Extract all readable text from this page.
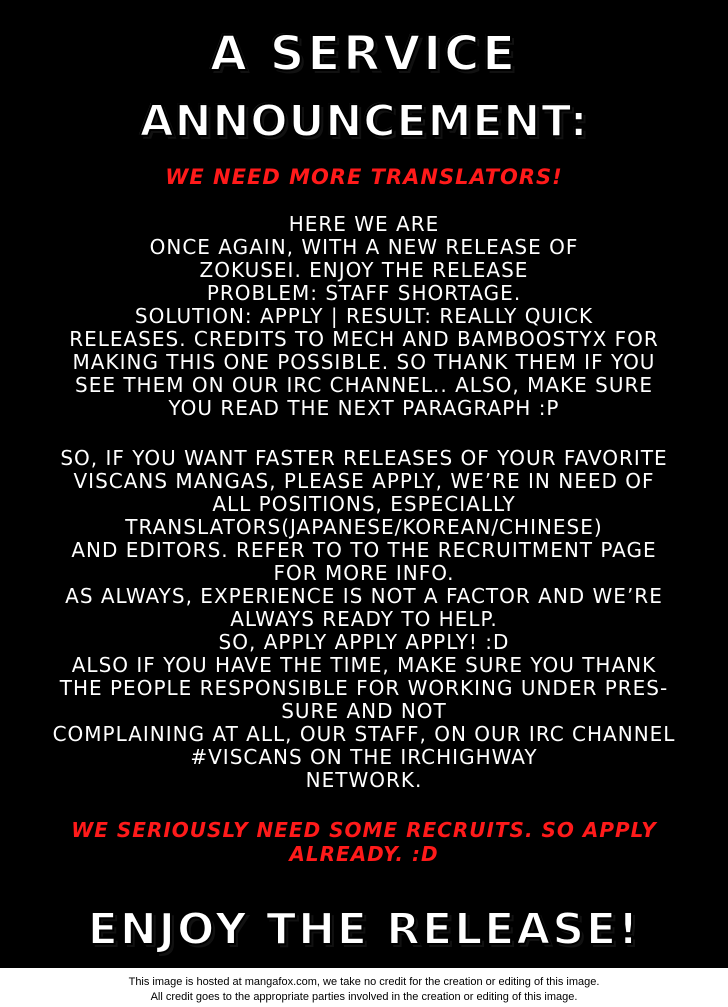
A SERVICE
ANNOUNCEMENT:
WE NEED MORE TRANSLATORS!
HERE WE ARE
ONCE AGAIN, WITH A NEW RELEASE OF
ZOKUSEI. ENJOY THE RELEASE
PROBLEM: STAFF SHORTAGE.
SOLUTION: APPLY | RESULT: REALLY QUICK
RELEASES. CREDITS TO MECH AND BAMBOOSTYX FOR
MAKING THIS ONE POSSIBLE. SO THANK THEM IF YOU
SEE THEM ON OUR IRC CHANNEL.. ALSO, MAKE SURE
YOU READ THE NEXT PARAGRAPH :P
SO, IF YOU WANT FASTER RELEASES OF YOUR FAVORITE
VISCANS MANGAS, PLEASE APPLY, WE’RE IN NEED OF
ALL POSITIONS, ESPECIALLY
TRANSLATORS(JAPANESE/KOREAN/CHINESE)
AND EDITORS. REFER TO TO THE RECRUITMENT PAGE
FOR MORE INFO.
AS ALWAYS, EXPERIENCE IS NOT A FACTOR AND WE’RE
ALWAYS READY TO HELP.
SO, APPLY APPLY APPLY! :D
ALSO IF YOU HAVE THE TIME, MAKE SURE YOU THANK
THE PEOPLE RESPONSIBLE FOR WORKING UNDER PRES-
SURE AND NOT
COMPLAINING AT ALL, OUR STAFF, ON OUR IRC CHANNEL
#VISCANS ON THE IRCHIGHWAY
NETWORK.
WE SERIOUSLY NEED SOME RECRUITS. SO APPLY
ALREADY. :D
ENJOY THE RELEASE!
This image is hosted at mangafox.com, we take no credit for the creation or editing of this image.
All credit goes to the appropriate parties involved in the creation or editing of this image.
